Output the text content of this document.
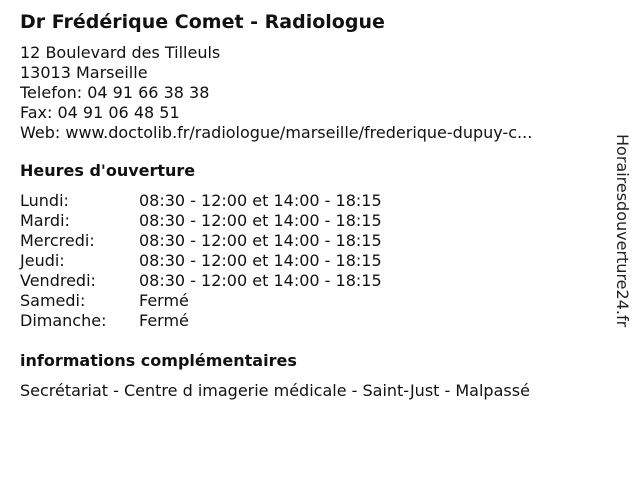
Dr Frédérique Comet - Radiologue
12 Boulevard des Tilleuls
13013 Marseille
Telefon: 04 91 66 38 38
Fax: 04 91 06 48 51
Web: www.doctolib.fr/radiologue/marseille/frederique-dupuy-c...
Heures d'ouverture
Lundi:	08:30 - 12:00 et 14:00 - 18:15
Mardi:	08:30 - 12:00 et 14:00 - 18:15
Mercredi:	08:30 - 12:00 et 14:00 - 18:15
Jeudi:	08:30 - 12:00 et 14:00 - 18:15
Vendredi:	08:30 - 12:00 et 14:00 - 18:15
Samedi:	Fermé
Dimanche:	Fermé
informations complémentaires
Secrétariat - Centre d imagerie médicale - Saint-Just - Malpassé
Horairesdouverture24.fr
